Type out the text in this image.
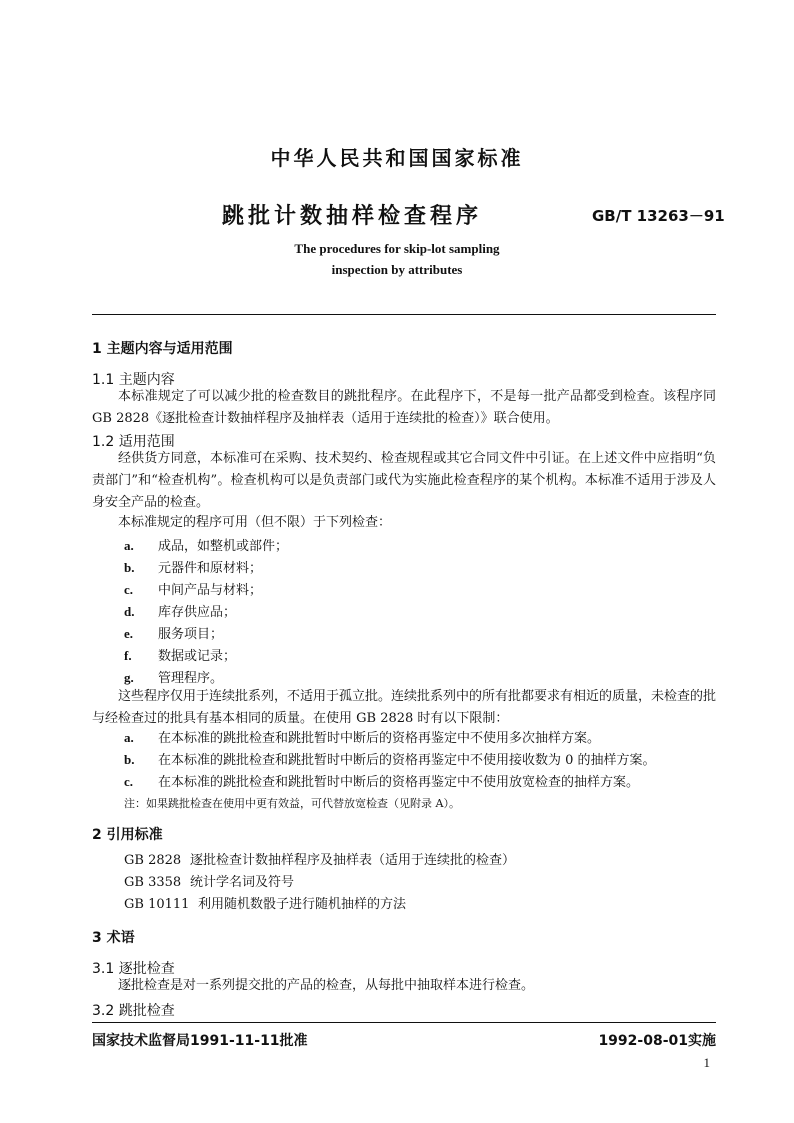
中华人民共和国国家标准
跳批计数抽样检查程序	GB/T 13263－91
The procedures for skip-lot sampling
inspection by attributes
1 主题内容与适用范围
1.1 主题内容
本标准规定了可以减少批的检查数目的跳批程序。在此程序下，不是每一批产品都受到检查。该程序同 GB 2828《逐批检查计数抽样程序及抽样表（适用于连续批的检查）》联合使用。
1.2 适用范围
经供货方同意，本标准可在采购、技术契约、检查规程或其它合同文件中引证。在上述文件中应指明“负责部门”和“检查机构”。检查机构可以是负责部门或代为实施此检查程序的某个机构。本标准不适用于涉及人身安全产品的检查。
本标准规定的程序可用（但不限）于下列检查：
a. 成品，如整机或部件；
b. 元器件和原材料；
c. 中间产品与材料；
d. 库存供应品；
e. 服务项目；
f. 数据或记录；
g. 管理程序。
这些程序仅用于连续批系列，不适用于孤立批。连续批系列中的所有批都要求有相近的质量，未检查的批与经检查过的批具有基本相同的质量。在使用 GB 2828 时有以下限制：
a. 在本标准的跳批检查和跳批暂时中断后的资格再鉴定中不使用多次抽样方案。
b. 在本标准的跳批检查和跳批暂时中断后的资格再鉴定中不使用接收数为 0 的抽样方案。
c. 在本标准的跳批检查和跳批暂时中断后的资格再鉴定中不使用放宽检查的抽样方案。
注：如果跳批检查在使用中更有效益，可代替放宽检查（见附录 A）。
2 引用标准
GB 2828 逐批检查计数抽样程序及抽样表（适用于连续批的检查）
GB 3358 统计学名词及符号
GB 10111 利用随机数骰子进行随机抽样的方法
3 术语
3.1 逐批检查
逐批检查是对一系列提交批的产品的检查，从每批中抽取样本进行检查。
3.2 跳批检查
国家技术监督局1991-11-11批准	1992-08-01实施
1
